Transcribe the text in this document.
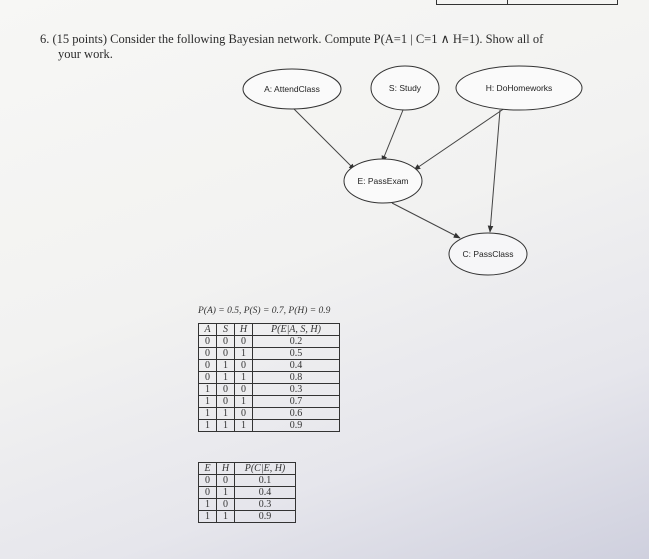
6. (15 points) Consider the following Bayesian network. Compute P(A=1 | C=1 ∧ H=1). Show all of
your work.
A: AttendClass	S: Study	H: DoHomeworks
E: PassExam
C: PassClass
P(A) = 0.5, P(S) = 0.7, P(H) = 0.9
A	S	H	P(E|A, S, H)
0	0	0	0.2
0	0	1	0.5
0	1	0	0.4
0	1	1	0.8
1	0	0	0.3
1	0	1	0.7
1	1	0	0.6
1	1	1	0.9
E	H	P(C|E, H)
0	0	0.1
0	1	0.4
1	0	0.3
1	1	0.9
